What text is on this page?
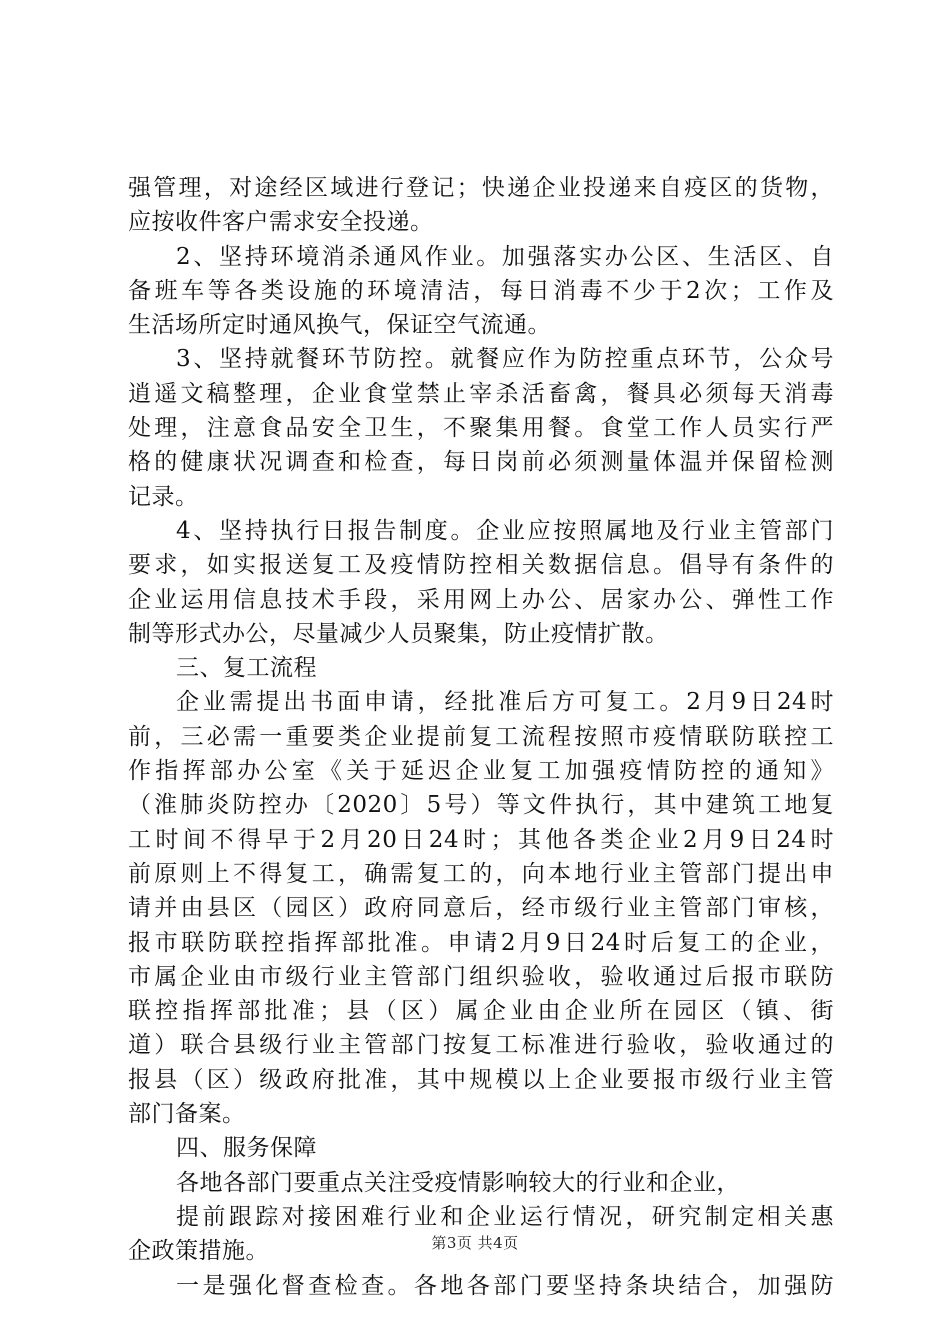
强管理，对途经区域进行登记；快递企业投递来自疫区的货物，
应按收件客户需求安全投递。
2、坚持环境消杀通风作业。加强落实办公区、生活区、自
备班车等各类设施的环境清洁，每日消毒不少于2次；工作及
生活场所定时通风换气，保证空气流通。
3、坚持就餐环节防控。就餐应作为防控重点环节，公众号
逍遥文稿整理，企业食堂禁止宰杀活畜禽，餐具必须每天消毒
处理，注意食品安全卫生，不聚集用餐。食堂工作人员实行严
格的健康状况调查和检查，每日岗前必须测量体温并保留检测
记录。
4、坚持执行日报告制度。企业应按照属地及行业主管部门
要求，如实报送复工及疫情防控相关数据信息。倡导有条件的
企业运用信息技术手段，采用网上办公、居家办公、弹性工作
制等形式办公，尽量减少人员聚集，防止疫情扩散。
三、复工流程
企业需提出书面申请，经批准后方可复工。2月9日24时
前，三必需一重要类企业提前复工流程按照市疫情联防联控工
作指挥部办公室《关于延迟企业复工加强疫情防控的通知》
（淮肺炎防控办〔2020〕5号）等文件执行，其中建筑工地复
工时间不得早于2月20日24时；其他各类企业2月9日24时
前原则上不得复工，确需复工的，向本地行业主管部门提出申
请并由县区（园区）政府同意后，经市级行业主管部门审核，
报市联防联控指挥部批准。申请2月9日24时后复工的企业，
市属企业由市级行业主管部门组织验收，验收通过后报市联防
联控指挥部批准；县（区）属企业由企业所在园区（镇、街
道）联合县级行业主管部门按复工标准进行验收，验收通过的
报县（区）级政府批准，其中规模以上企业要报市级行业主管
部门备案。
四、服务保障
各地各部门要重点关注受疫情影响较大的行业和企业，
提前跟踪对接困难行业和企业运行情况，研究制定相关惠
企政策措施。
一是强化督查检查。各地各部门要坚持条块结合，加强防
第3页 共4页
